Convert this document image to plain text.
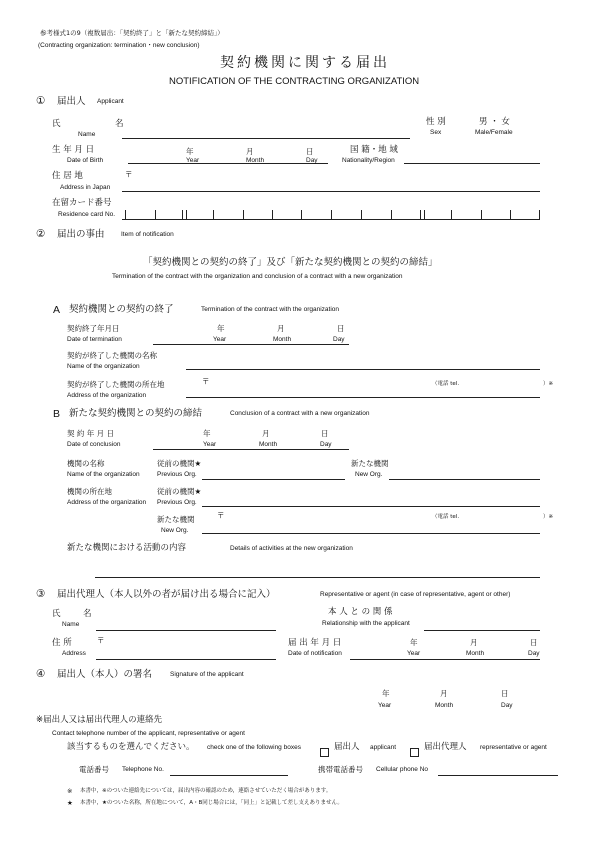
参考様式1の9（複数届出：「契約終了」と「新たな契約締結」）
(Contracting organization: termination・new conclusion)
契約機関に関する届出
NOTIFICATION OF THE CONTRACTING ORGANIZATION
① 届出人 Applicant
氏	名
Name
性 別
Sex
男 ・ 女
Male/Female
生 年 月 日
Date of Birth
年
Year
月
Month
日
Day
国 籍・地 域
Nationality/Region
住 居 地
Address in Japan
〒
在留カード番号
Residence card No.
② 届出の事由	Item of notification
「契約機関との契約の終了」及び「新たな契約機関との契約の締結」
Termination of the contract with the organization and conclusion of a contract with a new organization
A 契約機関との契約の終了	Termination of the contract with the organization
契約終了年月日
Date of termination
年
Year
月
Month
日
Day
契約が終了した機関の名称
Name of the organization
契約が終了した機関の所在地
Address of the organization
〒	（電話 tel.	）※
B 新たな契約機関との契約の締結	Conclusion of a contract with a new organization
契 約 年 月 日
Date of conclusion
年
Year
月
Month
日
Day
機関の名称
Name of the organization
従前の機関★
Previous Org.
新たな機関
New Org.
機関の所在地
Address of the organization
従前の機関★
Previous Org.
新たな機関
New Org.
〒	（電話 tel.	）※
新たな機関における活動の内容	Details of activities at the new organization
③ 届出代理人（本人以外の者が届け出る場合に記入）	Representative or agent (in case of representative, agent or other)
氏	名
Name
本 人 と の 関 係
Relationship with the applicant
住 所
Address
〒	届 出 年 月 日
Date of notification
年
Year
月
Month
日
Day
④ 届出人（本人）の署名	Signature of the applicant
年
Year
月
Month
日
Day
※届出人又は届出代理人の連絡先
Contact telephone number of the applicant, representative or agent
該当するものを選んでください。 check one of the following boxes	届出人 applicant	届出代理人 representative or agent
電話番号 Telephone No.	携帯電話番号 Cellular phone No
※ 本書中，※のついた連絡先については，届出内容の確認のため，連絡させていただく場合があります。
★ 本書中，★のついた名称，所在地について，A・B同じ場合には，「同上」と記載して差し支えありません。
